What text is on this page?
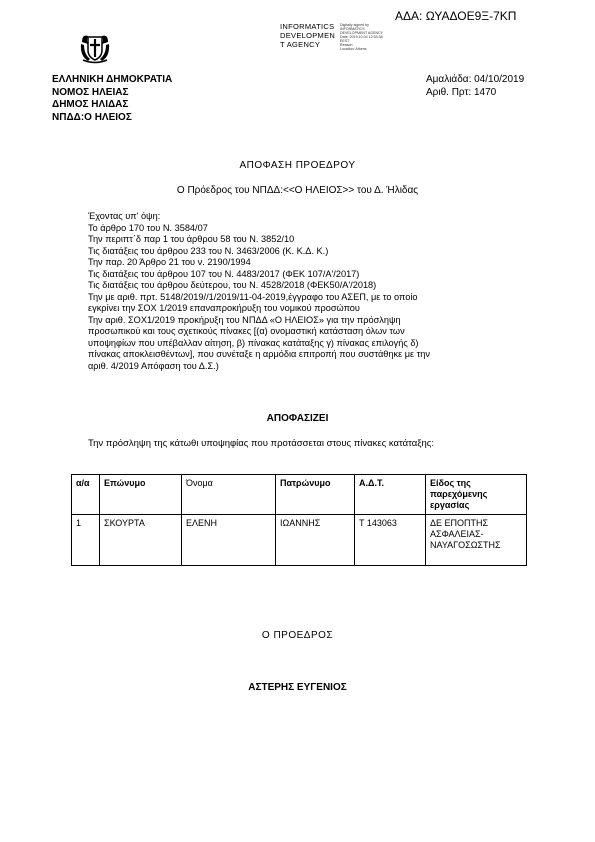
ΑΔΑ: ΩΥΑΔΟΕ9Ξ-7ΚΠ
INFORMATICS
DEVELOPMEN
T AGENCY
Digitally signed by
INFORMATICS
DEVELOPMENT AGENCY
Date: 2019.10.04 12:53:38
EEST
Reason:
Location: Athens
ΕΛΛΗΝΙΚΗ ΔΗΜΟΚΡΑΤΙΑ
ΝΟΜΟΣ ΗΛΕΙΑΣ
ΔΗΜΟΣ ΗΛΙΔΑΣ
ΝΠΔΔ:Ο ΗΛΕΙΟΣ
Αμαλιάδα: 04/10/2019
Αριθ. Πρτ: 1470
ΑΠΟΦΑΣΗ ΠΡΟΕΔΡΟΥ
Ο Πρόεδρος του ΝΠΔΔ:<<Ο ΗΛΕΙΟΣ>> του Δ. Ήλιδας
Έχοντας υπ' όψη:
Το άρθρο 170 του Ν. 3584/07
Την περιπτ΄δ παρ 1 του άρθρου 58 του Ν. 3852/10
Τις διατάξεις του άρθρου 233 του Ν. 3463/2006 (Κ. Κ.Δ. Κ.)
Την παρ. 20 Άρθρο 21 του ν. 2190/1994
Τις διατάξεις του άρθρου 107 του Ν. 4483/2017 (ΦΕΚ 107/Α'/2017)
Τις διατάξεις του άρθρου δεύτερου, του Ν. 4528/2018 (ΦΕΚ50/Α'/2018)
Την με αριθ. πρτ. 5148/2019//1/2019/11-04-2019,έγγραφο του ΑΣΕΠ, με το οποίο
εγκρίνει την ΣΟΧ 1/2019 επαναπροκήρυξη του νομικού προσώπου
Την αριθ. ΣΟΧ1/2019 προκήρυξη του ΝΠΔΔ «Ο ΗΛΕΙΟΣ» για την πρόσληψη
προσωπικού και τους σχετικούς πίνακες [(α) ονομαστική κατάσταση όλων των
υποψηφίων που υπέβαλλαν αίτηση, β) πίνακας κατάταξης γ) πίνακας επιλογής δ)
πίνακας αποκλεισθέντων], που συνέταξε η αρμόδια επιτροπή που συστάθηκε με την
αριθ. 4/2019 Απόφαση του Δ.Σ.)
ΑΠΟΦΑΣΙΖΕΙ
Την πρόσληψη της κάτωθι υποψηφίας που προτάσσεται στους πίνακες κατάταξης:
α/α	Επώνυμο	Όνομα	Πατρώνυμο	Α.Δ.Τ.	Είδος της παρεχόμενης εργασίας
1	ΣΚΟΥΡΤΑ	ΕΛΕΝΗ	ΙΩΑΝΝΗΣ	Τ 143063	ΔΕ ΕΠΟΠΤΗΣ ΑΣΦΑΛΕΙΑΣ-ΝΑΥΑΓΟΣΩΣΤΗΣ
Ο ΠΡΟΕΔΡΟΣ
ΑΣΤΕΡΗΣ ΕΥΓΕΝΙΟΣ
